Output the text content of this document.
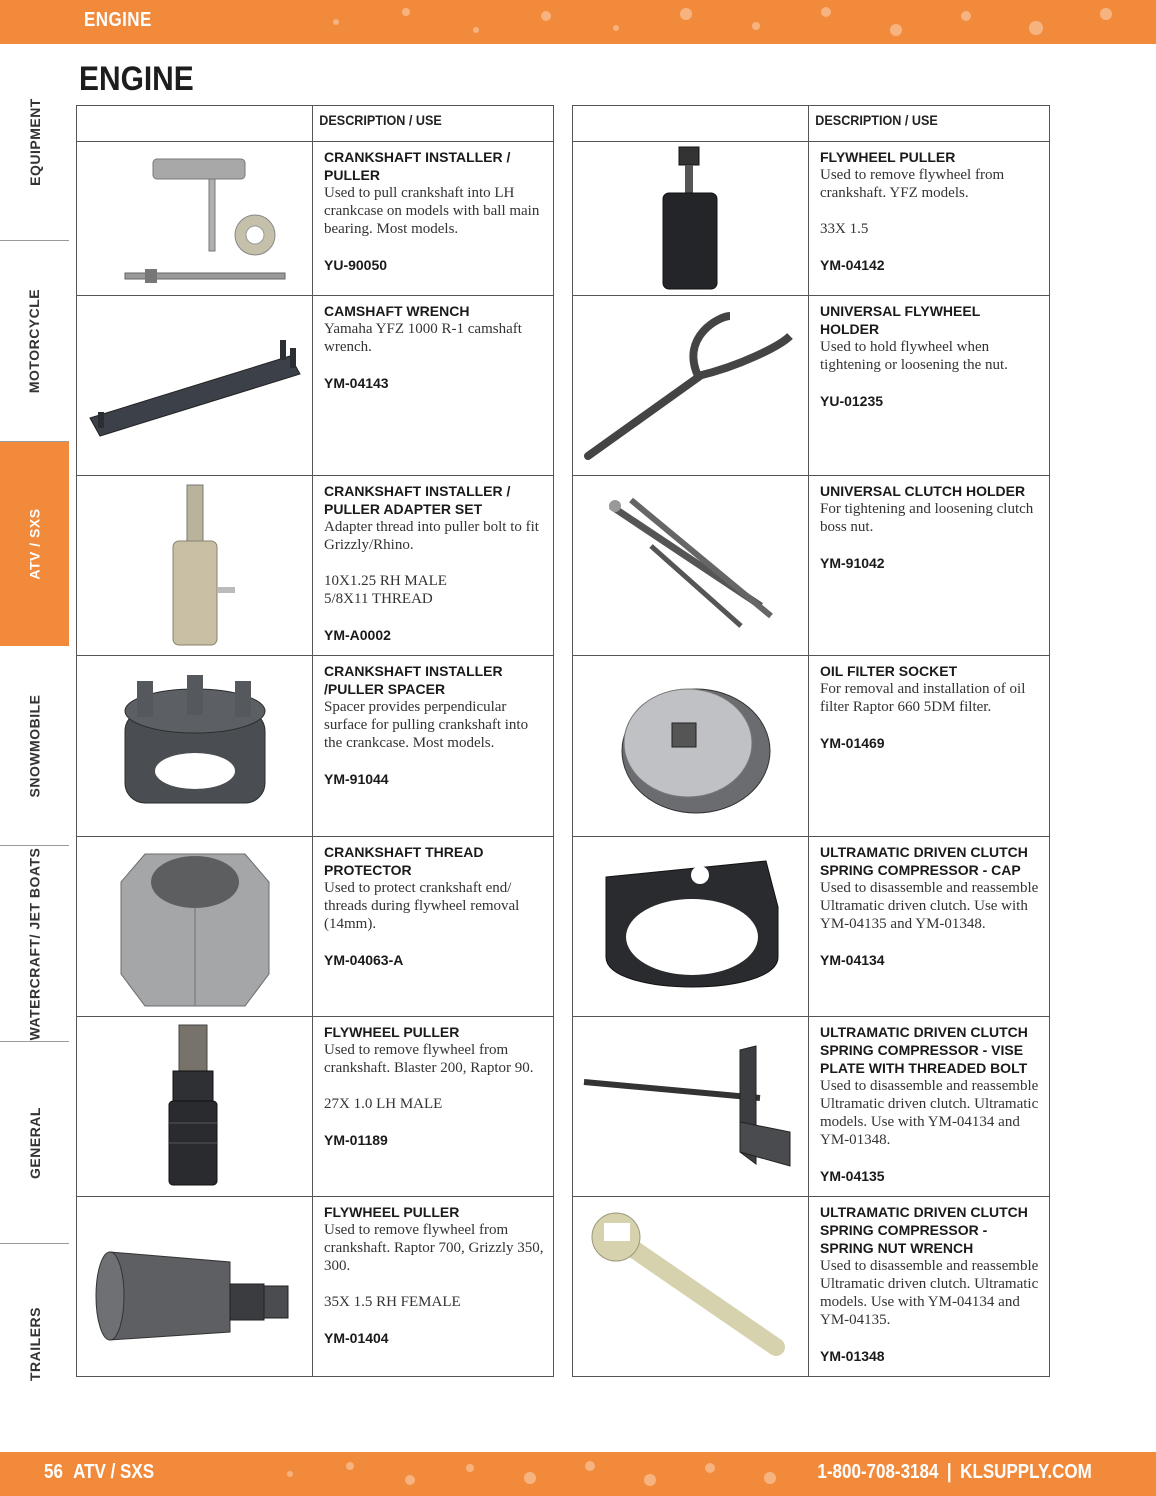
ENGINE
ENGINE
EQUIPMENT
MOTORCYCLE
ATV / SXS
SNOWMOBILE
WATERCRAFT/ JET BOATS
GENERAL
TRAILERS
DESCRIPTION / USE
CRANKSHAFT INSTALLER / PULLER
Used to pull crankshaft into LH crankcase on models with ball main bearing. Most models.
YU-90050
CAMSHAFT WRENCH
Yamaha YFZ 1000 R-1 camshaft wrench.
YM-04143
CRANKSHAFT INSTALLER / PULLER ADAPTER SET
Adapter thread into puller bolt to fit Grizzly/Rhino.
10X1.25 RH MALE
5/8X11 THREAD
YM-A0002
CRANKSHAFT INSTALLER /PULLER SPACER
Spacer provides perpendicular surface for pulling crankshaft into the crankcase. Most models.
YM-91044
CRANKSHAFT THREAD PROTECTOR
Used to protect crankshaft end/ threads during flywheel removal (14mm).
YM-04063-A
FLYWHEEL PULLER
Used to remove flywheel from crankshaft. Blaster 200, Raptor 90.
27X 1.0 LH MALE
YM-01189
FLYWHEEL PULLER
Used to remove flywheel from crankshaft. Raptor 700, Grizzly 350, 300.
35X 1.5 RH FEMALE
YM-01404
DESCRIPTION / USE
FLYWHEEL PULLER
Used to remove flywheel from crankshaft. YFZ models.
33X 1.5
YM-04142
UNIVERSAL FLYWHEEL HOLDER
Used to hold flywheel when tightening or loosening the nut.
YU-01235
UNIVERSAL CLUTCH HOLDER
For tightening and loosening clutch boss nut.
YM-91042
OIL FILTER SOCKET
For removal and installation of oil filter Raptor 660 5DM filter.
YM-01469
ULTRAMATIC DRIVEN CLUTCH SPRING COMPRESSOR - CAP
Used to disassemble and reassemble Ultramatic driven clutch. Use with YM-04135 and YM-01348.
YM-04134
ULTRAMATIC DRIVEN CLUTCH SPRING COMPRESSOR - VISE PLATE WITH THREADED BOLT
Used to disassemble and reassemble Ultramatic driven clutch. Ultramatic models. Use with YM-04134 and YM-01348.
YM-04135
ULTRAMATIC DRIVEN CLUTCH SPRING COMPRESSOR - SPRING NUT WRENCH
Used to disassemble and reassemble Ultramatic driven clutch. Ultramatic models. Use with YM-04134 and YM-04135.
YM-01348
56 ATV / SXS	1-800-708-3184 | KLSUPPLY.COM
